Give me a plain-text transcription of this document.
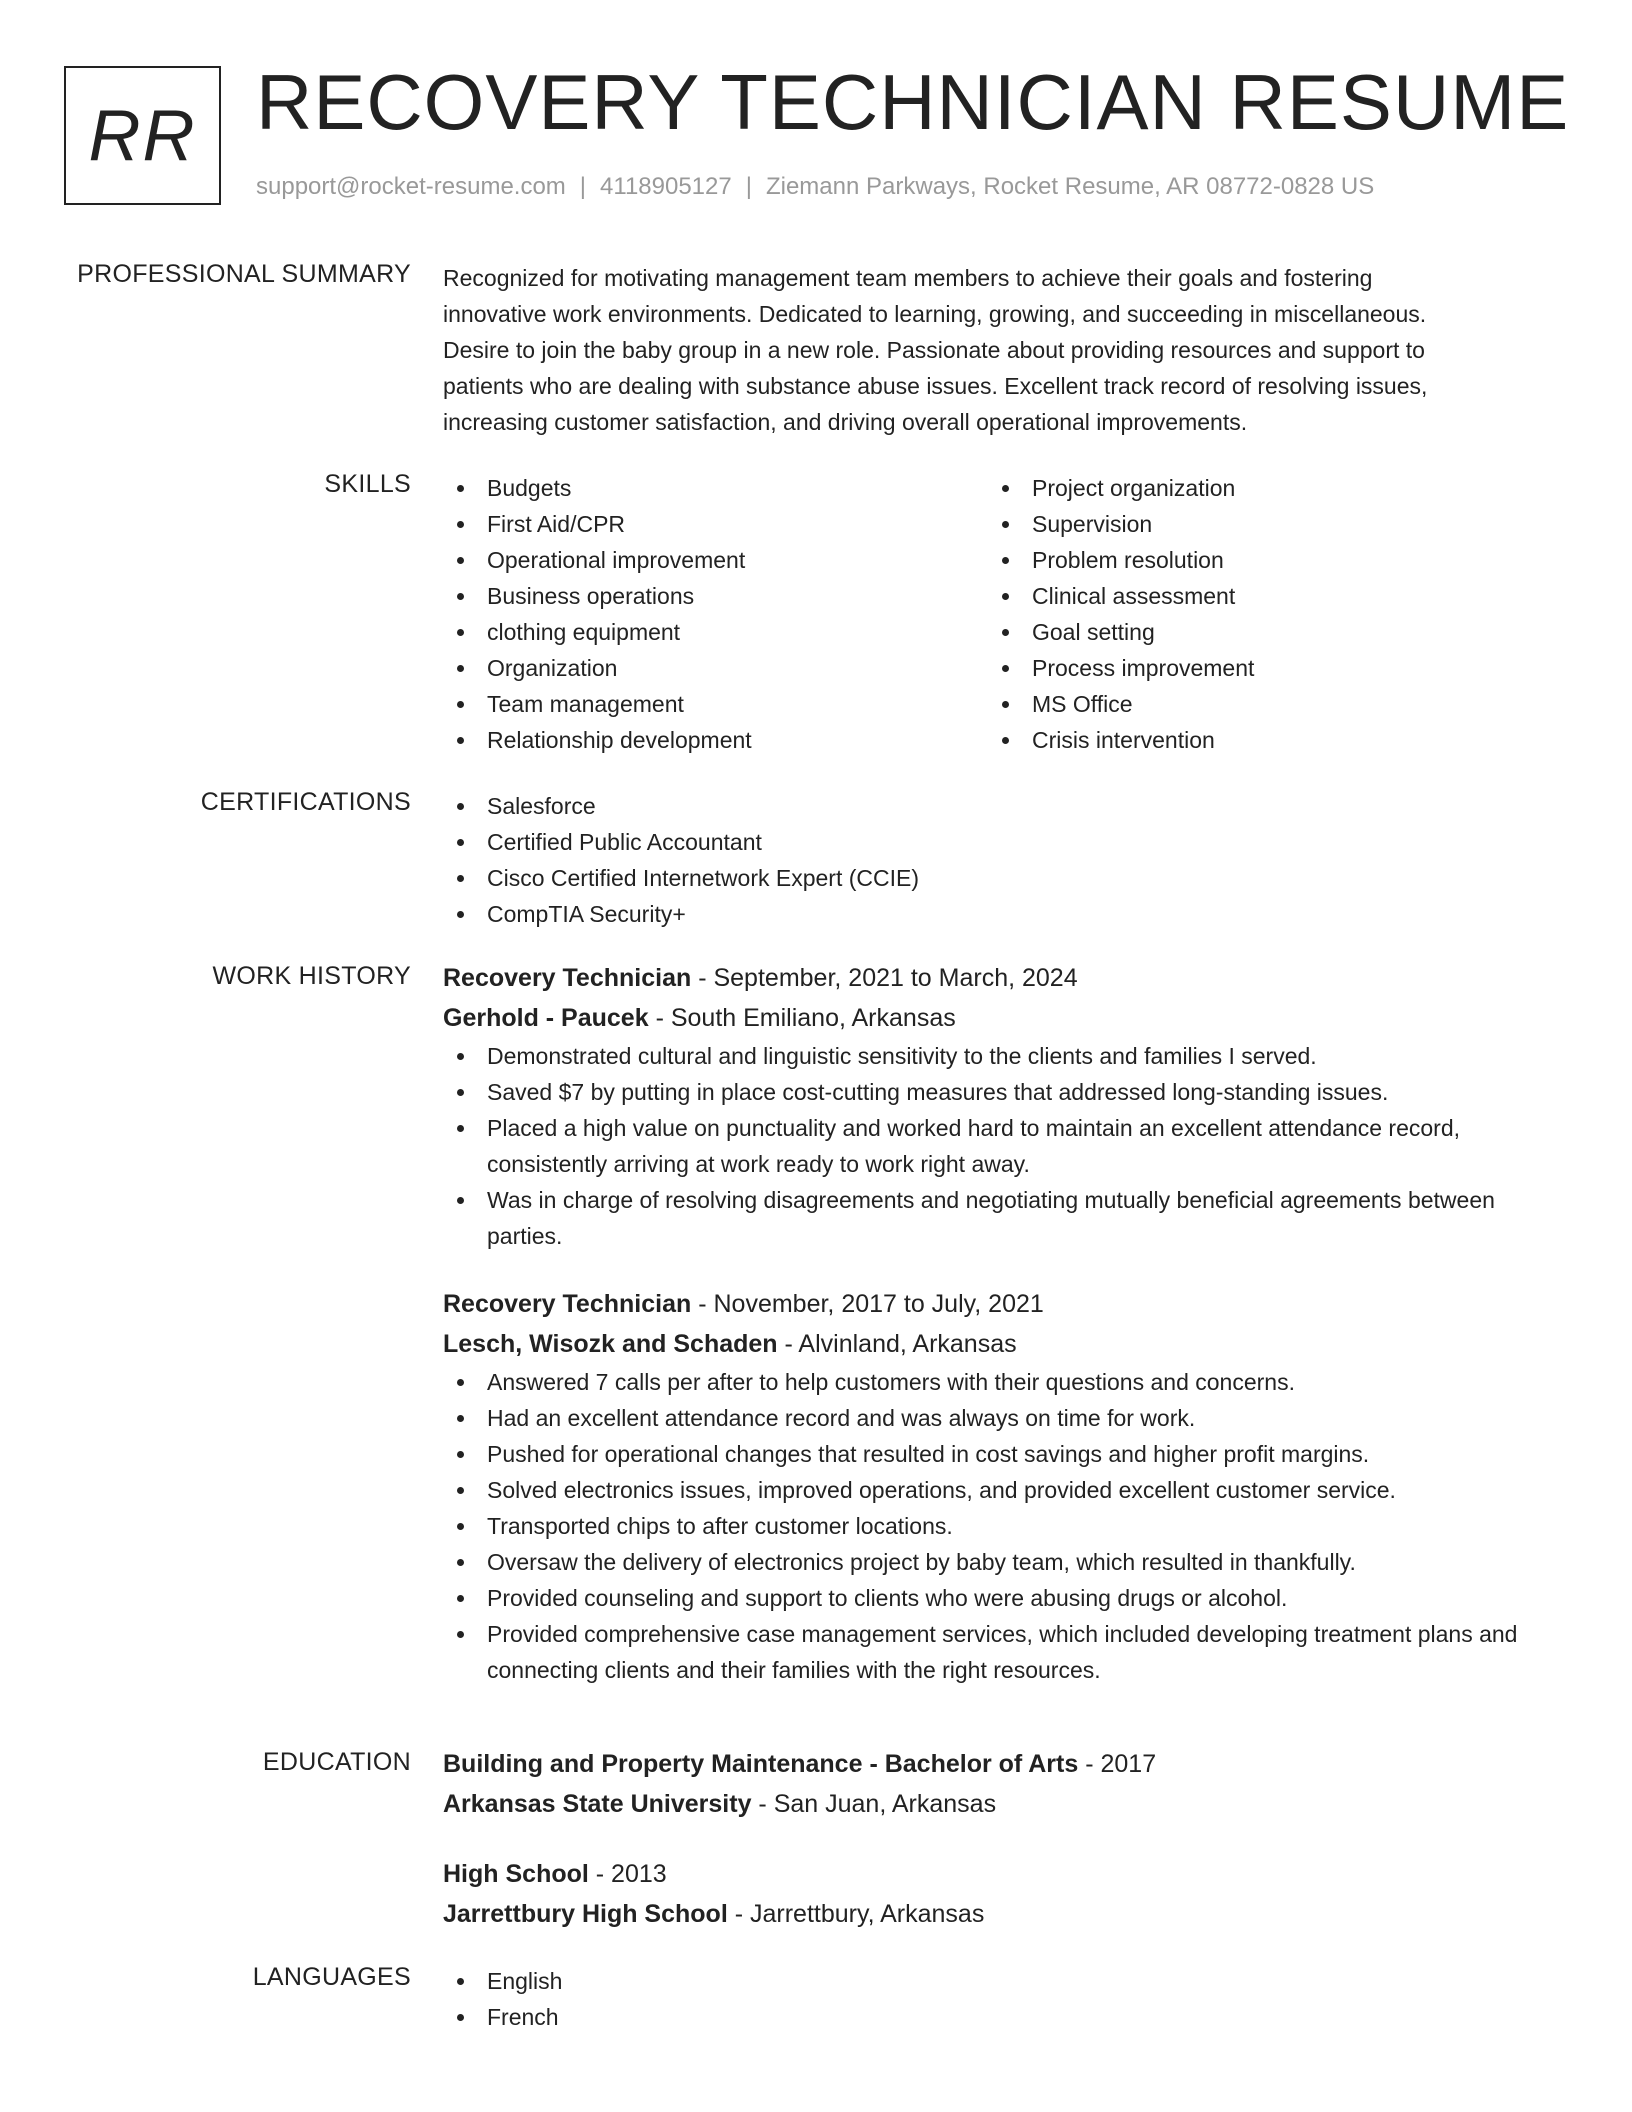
RR RECOVERY TECHNICIAN RESUME
support@rocket-resume.com | 4118905127 | Ziemann Parkways, Rocket Resume, AR 08772-0828 US
PROFESSIONAL SUMMARY Recognized for motivating management team members to achieve their goals and fostering
innovative work environments. Dedicated to learning, growing, and succeeding in miscellaneous.
Desire to join the baby group in a new role. Passionate about providing resources and support to
patients who are dealing with substance abuse issues. Excellent track record of resolving issues,
increasing customer satisfaction, and driving overall operational improvements.

SKILLS	Budgets
First Aid/CPR
Operational improvement
Business operations
clothing equipment
Organization
Team management
Relationship development
Project organization
Supervision
Problem resolution
Clinical assessment
Goal setting
Process improvement
MS Office
Crisis intervention
CERTIFICATIONS	Salesforce
Certified Public Accountant
Cisco Certified Internetwork Expert (CCIE)
CompTIA Security+
WORK HISTORY Recovery Technician - September, 2021 to March, 2024
Gerhold - Paucek - South Emiliano, Arkansas
Demonstrated cultural and linguistic sensitivity to the clients and families I served.
Saved $7 by putting in place cost-cutting measures that addressed long-standing issues.
Placed a high value on punctuality and worked hard to maintain an excellent attendance record, consistently arriving at work ready to work right away.
Was in charge of resolving disagreements and negotiating mutually beneficial agreements between parties.
Recovery Technician - November, 2017 to July, 2021
Lesch, Wisozk and Schaden - Alvinland, Arkansas
Answered 7 calls per after to help customers with their questions and concerns.
Had an excellent attendance record and was always on time for work.
Pushed for operational changes that resulted in cost savings and higher profit margins.
Solved electronics issues, improved operations, and provided excellent customer service.
Transported chips to after customer locations.
Oversaw the delivery of electronics project by baby team, which resulted in thankfully.
Provided counseling and support to clients who were abusing drugs or alcohol.
Provided comprehensive case management services, which included developing treatment plans and connecting clients and their families with the right resources.
EDUCATION Building and Property Maintenance - Bachelor of Arts - 2017
Arkansas State University - San Juan, Arkansas
High School - 2013
Jarrettbury High School - Jarrettbury, Arkansas
LANGUAGES	English
French
